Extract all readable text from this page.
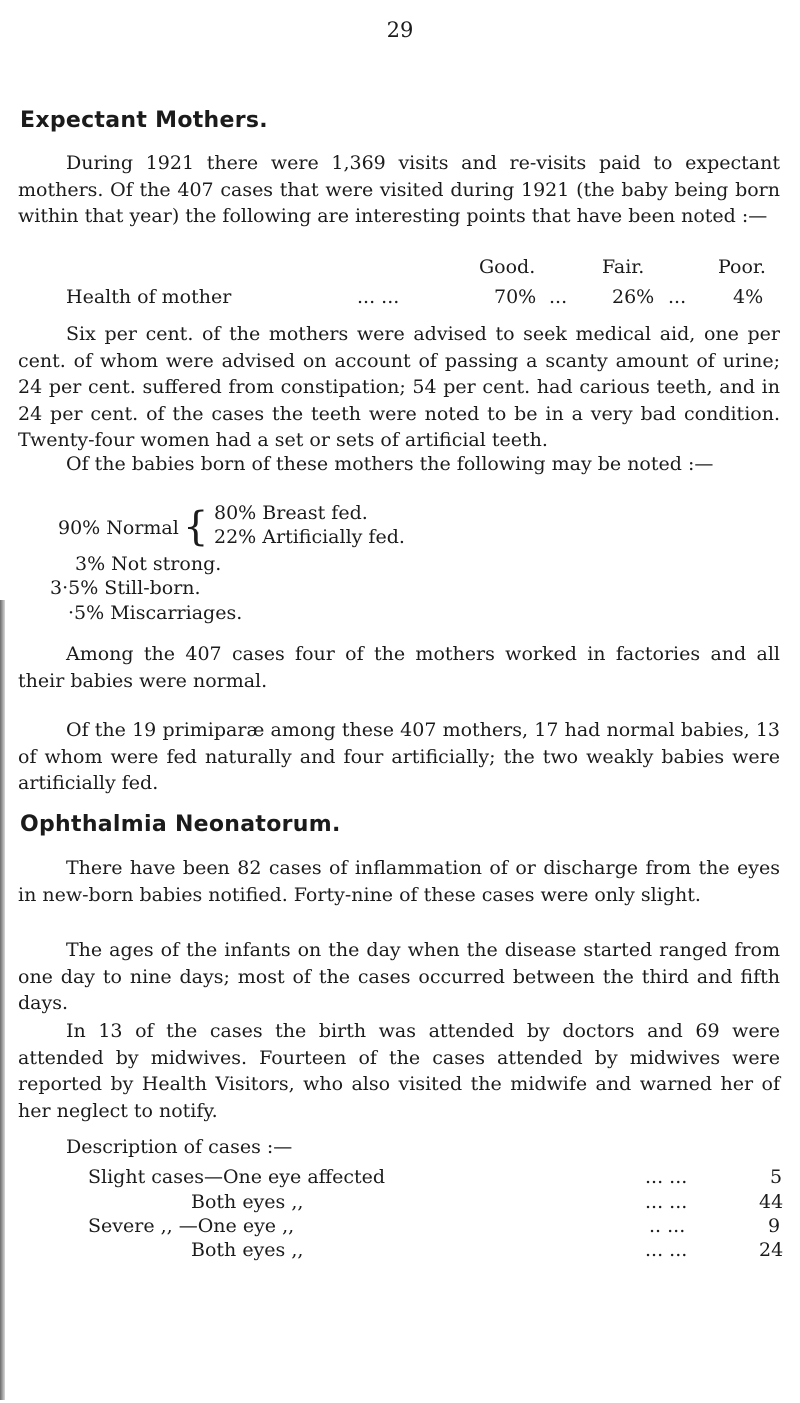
29
Expectant Mothers.
During 1921 there were 1,369 visits and re-visits paid to expectant mothers. Of the 407 cases that were visited during 1921 (the baby being born within that year) the following are interesting points that have been noted :—
Good.	Fair.	Poor.
Health of mother	... ...	70% ... 26% ... 4%
Six per cent. of the mothers were advised to seek medical aid, one per cent. of whom were advised on account of passing a scanty amount of urine; 24 per cent. suffered from constipation; 54 per cent. had carious teeth, and in 24 per cent. of the cases the teeth were noted to be in a very bad condition. Twenty-four women had a set or sets of artificial teeth.
Of the babies born of these mothers the following may be noted :—
90% Normal { 80% Breast fed.
22% Artificially fed.
3% Not strong.
3·5% Still-born.
·5% Miscarriages.
Among the 407 cases four of the mothers worked in factories and all their babies were normal.
Of the 19 primiparæ among these 407 mothers, 17 had normal babies, 13 of whom were fed naturally and four artificially; the two weakly babies were artificially fed.
Ophthalmia Neonatorum.
There have been 82 cases of inflammation of or discharge from the eyes in new-born babies notified. Forty-nine of these cases were only slight.
The ages of the infants on the day when the disease started ranged from one day to nine days; most of the cases occurred between the third and fifth days.
In 13 of the cases the birth was attended by doctors and 69 were attended by midwives. Fourteen of the cases attended by midwives were reported by Health Visitors, who also visited the midwife and warned her of her neglect to notify.
Description of cases :—
Slight cases—One eye affected	... ...	5
Both eyes ,,	... ...	44
Severe ,, —One eye ,,	.. ...	9
Both eyes ,,	... ...	24
